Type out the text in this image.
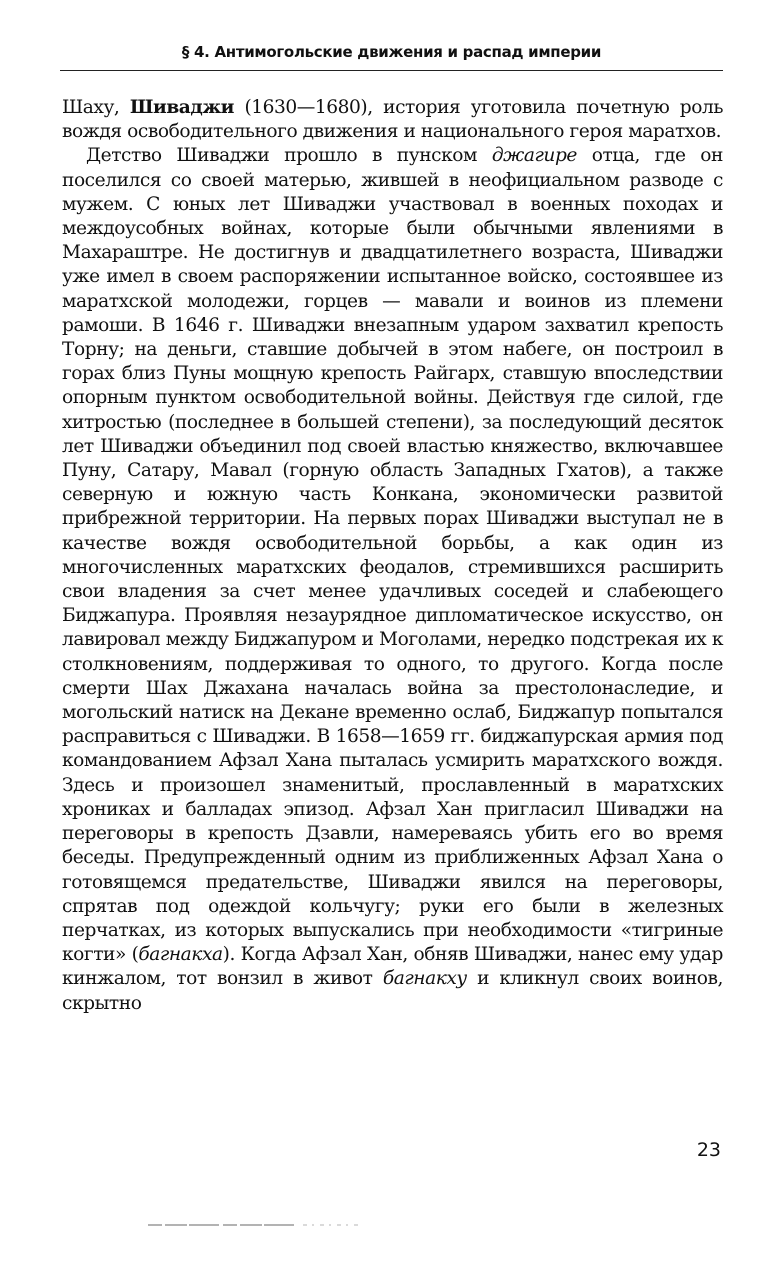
§ 4. Антимогольские движения и распад империи

Шаху, Шиваджи (1630—1680), история уготовила почетную роль вождя освободительного движения и национального героя маратхов.

Детство Шиваджи прошло в пунском джагире отца, где он поселился со своей матерью, жившей в неофициальном разводе с мужем. С юных лет Шиваджи участвовал в военных походах и междоусобных войнах, которые были обычными явлениями в Махараштре. Не достигнув и двадцатилетнего возраста, Шиваджи уже имел в своем распоряжении испытанное войско, состоявшее из маратхской молодежи, горцев — мавали и воинов из племени рамоши. В 1646 г. Шиваджи внезапным ударом захватил крепость Торну; на деньги, ставшие добычей в этом набеге, он построил в горах близ Пуны мощную крепость Райгарх, ставшую впоследствии опорным пунктом освободительной войны. Действуя где силой, где хитростью (последнее в большей степени), за последующий десяток лет Шиваджи объединил под своей властью княжество, включавшее Пуну, Сатару, Мавал (горную область Западных Гхатов), а также северную и южную часть Конкана, экономически развитой прибрежной территории. На первых порах Шиваджи выступал не в качестве вождя освободительной борьбы, а как один из многочисленных маратхских феодалов, стремившихся расширить свои владения за счет менее удачливых соседей и слабеющего Биджапура. Проявляя незаурядное дипломатическое искусство, он лавировал между Биджапуром и Моголами, нередко подстрекая их к столкновениям, поддерживая то одного, то другого. Когда после смерти Шах Джахана началась война за престолонаследие, и могольский натиск на Декане временно ослаб, Биджапур попытался расправиться с Шиваджи. В 1658—1659 гг. биджапурская армия под командованием Афзал Хана пыталась усмирить маратхского вождя. Здесь и произошел знаменитый, прославленный в маратхских хрониках и балладах эпизод. Афзал Хан пригласил Шиваджи на переговоры в крепость Дзавли, намереваясь убить его во время беседы. Предупрежденный одним из приближенных Афзал Хана о готовящемся предательстве, Шиваджи явился на переговоры, спрятав под одеждой кольчугу; руки его были в железных перчатках, из которых выпускались при необходимости «тигриные когти» (багнакха). Когда Афзал Хан, обняв Шиваджи, нанес ему удар кинжалом, тот вонзил в живот багнакху и кликнул своих воинов, скрытно

23
